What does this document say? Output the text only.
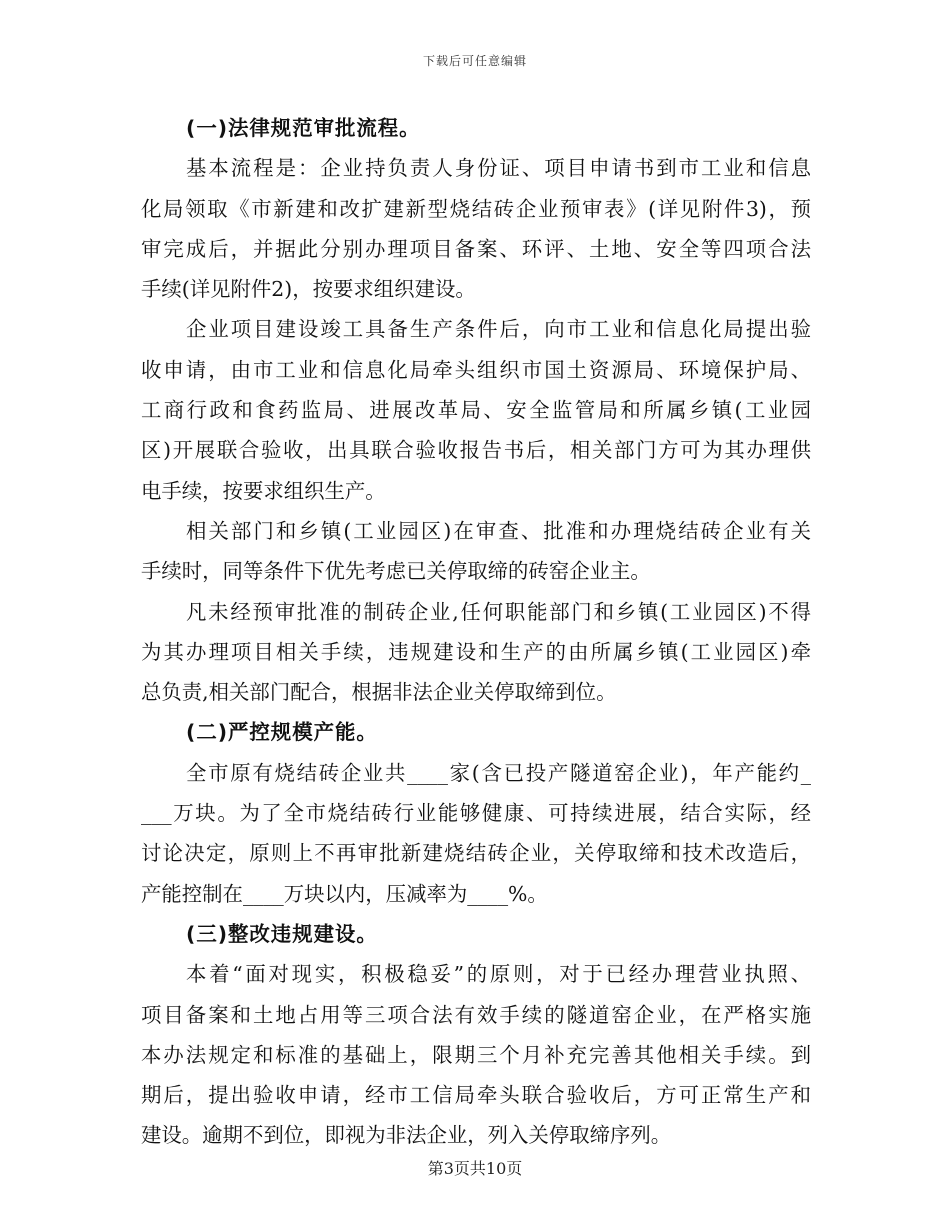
下载后可任意编辑
(一)法律规范审批流程。
基本流程是：企业持负责人身份证、项目申请书到市工业和信息
化局领取《市新建和改扩建新型烧结砖企业预审表》(详见附件3)，预
审完成后，并据此分别办理项目备案、环评、土地、安全等四项合法
手续(详见附件2)，按要求组织建设。
企业项目建设竣工具备生产条件后，向市工业和信息化局提出验
收申请，由市工业和信息化局牵头组织市国土资源局、环境保护局、
工商行政和食药监局、进展改革局、安全监管局和所属乡镇(工业园
区)开展联合验收，出具联合验收报告书后，相关部门方可为其办理供
电手续，按要求组织生产。
相关部门和乡镇(工业园区)在审查、批准和办理烧结砖企业有关
手续时，同等条件下优先考虑已关停取缔的砖窑企业主。
凡未经预审批准的制砖企业,任何职能部门和乡镇(工业园区)不得
为其办理项目相关手续，违规建设和生产的由所属乡镇(工业园区)牵
总负责,相关部门配合，根据非法企业关停取缔到位。
(二)严控规模产能。
全市原有烧结砖企业共____家(含已投产隧道窑企业)，年产能约_
___万块。为了全市烧结砖行业能够健康、可持续进展，结合实际，经
讨论决定，原则上不再审批新建烧结砖企业，关停取缔和技术改造后，
产能控制在____万块以内，压减率为____%。
(三)整改违规建设。
本着“面对现实，积极稳妥”的原则，对于已经办理营业执照、
项目备案和土地占用等三项合法有效手续的隧道窑企业，在严格实施
本办法规定和标准的基础上，限期三个月补充完善其他相关手续。到
期后，提出验收申请，经市工信局牵头联合验收后，方可正常生产和
建设。逾期不到位，即视为非法企业，列入关停取缔序列。
第3页共10页
